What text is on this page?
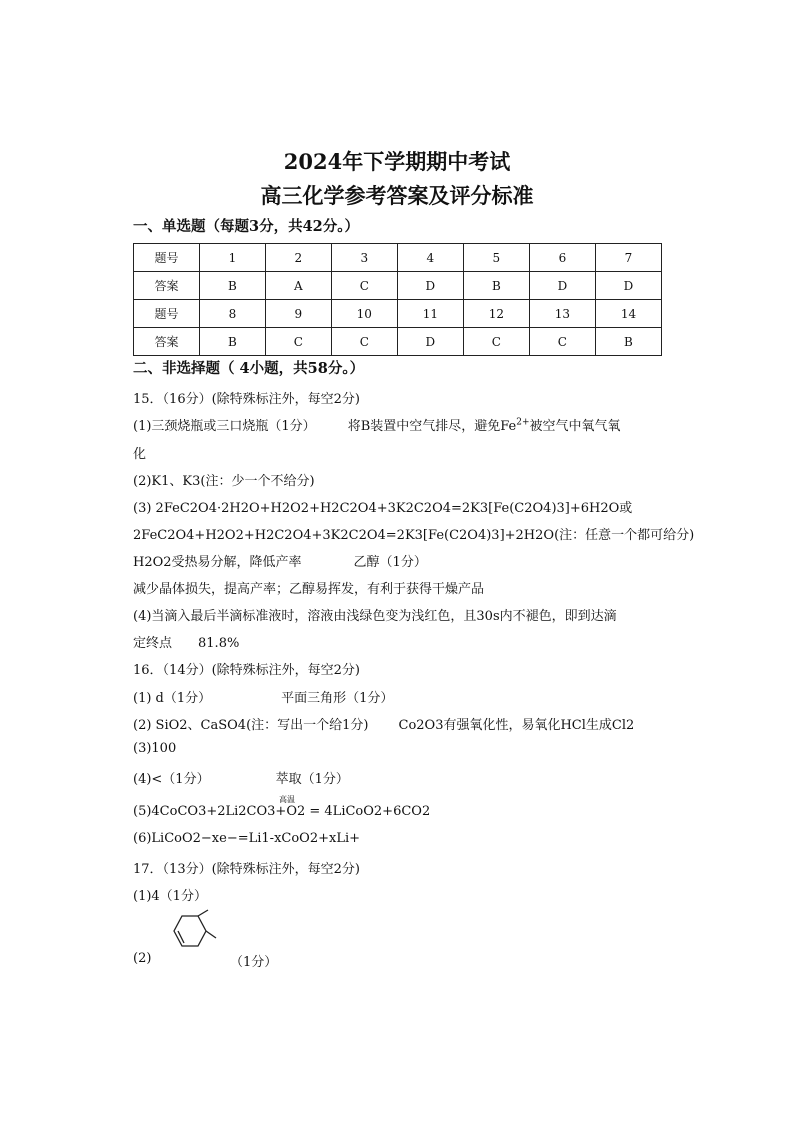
2024年下学期期中考试
高三化学参考答案及评分标准
一、单选题（每题3分，共42分。）
题号	1	2	3	4	5	6	7
答案	B	A	C	D	B	D	D
题号	8	9	10	11	12	13	14
答案	B	C	C	D	C	C	B
二、非选择题（ 4小题，共58分。）
15．（16分）(除特殊标注外，每空2分)
(1)三颈烧瓶或三口烧瓶（1分） 将B装置中空气排尽，避免$Fe^{2+}$被空气中氧气氧
化
(2)K1、K3(注：少一个不给分)
(3) 2FeC2O4·2H2O+H2O2+H2C2O4+3K2C2O4=2K3[Fe(C2O4)3]+6H2O或
2FeC2O4+H2O2+H2C2O4+3K2C2O4=2K3[Fe(C2O4)3]+2H2O(注：任意一个都可给分)
H2O2受热易分解，降低产率	乙醇（1分）
减少晶体损失，提高产率；乙醇易挥发，有利于获得干燥产品
(4)当滴入最后半滴标准液时，溶液由浅绿色变为浅红色，且30s内不褪色，即到达滴
定终点 81.8%
16．（14分）(除特殊标注外，每空2分)
(1) d（1分）	平面三角形（1分）
(2) SiO2、CaSO4(注：写出一个给1分) Co2O3有强氧化性，易氧化HCl生成Cl2
(3)100
(4)<（1分）	萃取（1分）
高温
(5)4CoCO3+2Li2CO3+O2 = 4LiCoO2+6CO2
(6)LiCoO2−xe−=Li1-xCoO2+xLi+
17．（13分）(除特殊标注外，每空2分)
(1)4（1分）
(2)	（1分）
